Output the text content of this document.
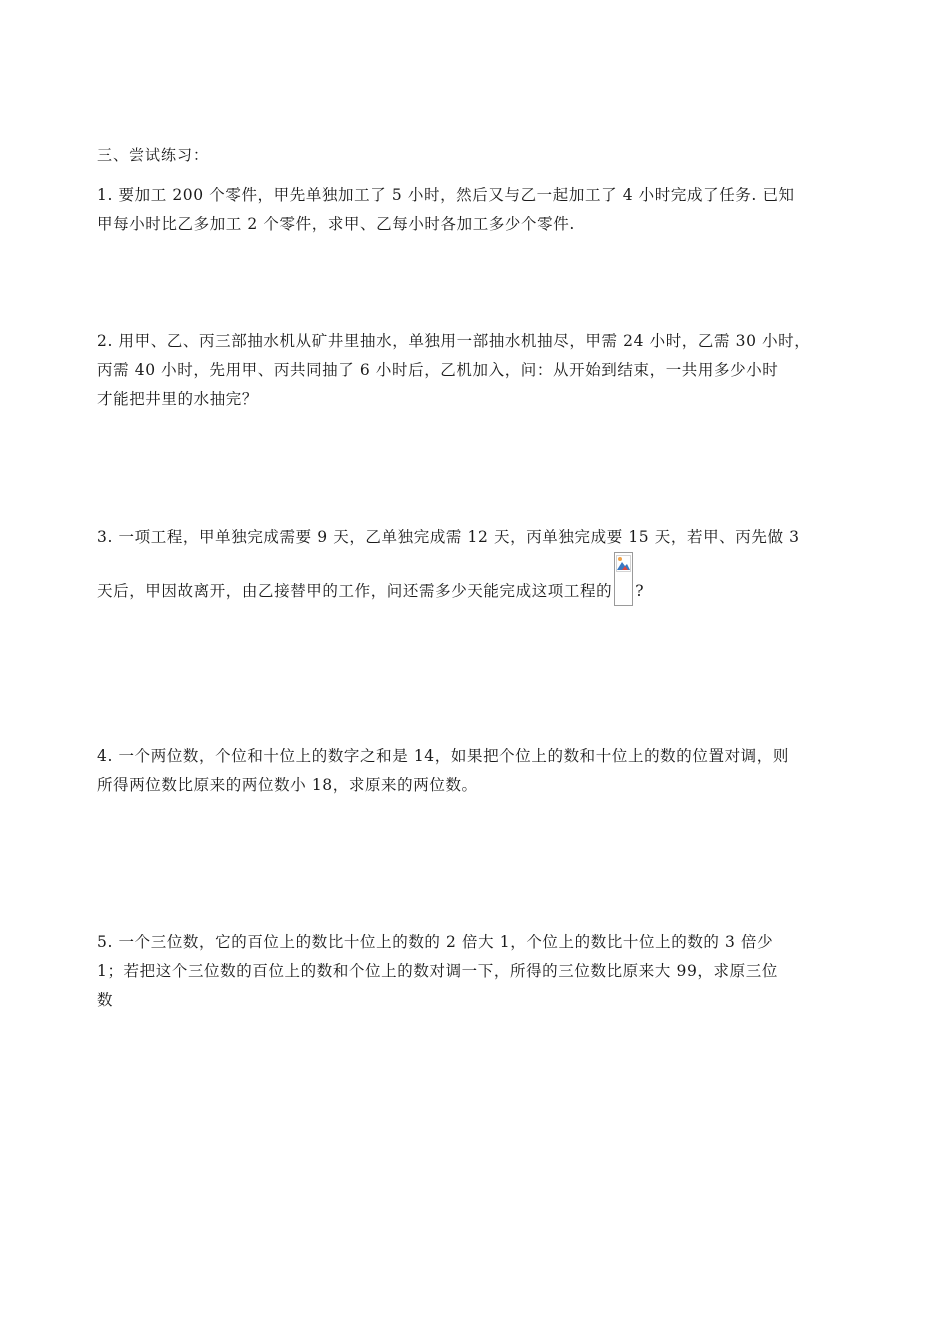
三、尝试练习：

1. 要加工 200 个零件，甲先单独加工了 5 小时，然后又与乙一起加工了 4 小时完成了任务. 已知

甲每小时比乙多加工 2 个零件，求甲、乙每小时各加工多少个零件.

2. 用甲、乙、丙三部抽水机从矿井里抽水，单独用一部抽水机抽尽，甲需 24 小时，乙需 30 小时，

丙需 40 小时，先用甲、丙共同抽了 6 小时后，乙机加入，问：从开始到结束，一共用多少小时

才能把井里的水抽完？

3. 一项工程，甲单独完成需要 9 天，乙单独完成需 12 天，丙单独完成要 15 天，若甲、丙先做 3

天后，甲因故离开，由乙接替甲的工作，问还需多少天能完成这项工程的 ?

4. 一个两位数，个位和十位上的数字之和是 14，如果把个位上的数和十位上的数的位置对调，则

所得两位数比原来的两位数小 18，求原来的两位数。

5. 一个三位数，它的百位上的数比十位上的数的 2 倍大 1，个位上的数比十位上的数的 3 倍少

1；若把这个三位数的百位上的数和个位上的数对调一下，所得的三位数比原来大 99，求原三位

数
